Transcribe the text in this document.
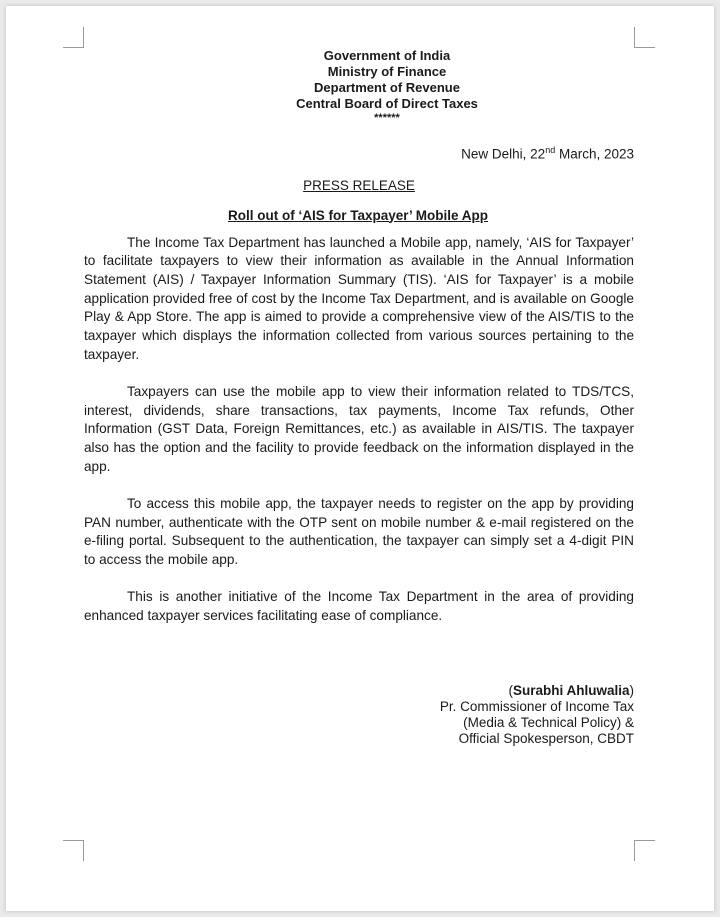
Government of India
Ministry of Finance
Department of Revenue
Central Board of Direct Taxes
******
New Delhi, 22nd March, 2023
PRESS RELEASE
Roll out of ‘AIS for Taxpayer’ Mobile App

The Income Tax Department has launched a Mobile app, namely, ‘AIS for Taxpayer’ to facilitate taxpayers to view their information as available in the Annual Information Statement (AIS) / Taxpayer Information Summary (TIS). ‘AIS for Taxpayer’ is a mobile application provided free of cost by the Income Tax Department, and is available on Google Play & App Store. The app is aimed to provide a comprehensive view of the AIS/TIS to the taxpayer which displays the information collected from various sources pertaining to the taxpayer.

Taxpayers can use the mobile app to view their information related to TDS/TCS, interest, dividends, share transactions, tax payments, Income Tax refunds, Other Information (GST Data, Foreign Remittances, etc.) as available in AIS/TIS. The taxpayer also has the option and the facility to provide feedback on the information displayed in the app.

To access this mobile app, the taxpayer needs to register on the app by providing PAN number, authenticate with the OTP sent on mobile number & e-mail registered on the e-filing portal. Subsequent to the authentication, the taxpayer can simply set a 4-digit PIN to access the mobile app.

This is another initiative of the Income Tax Department in the area of providing enhanced taxpayer services facilitating ease of compliance.

(Surabhi Ahluwalia)
Pr. Commissioner of Income Tax
(Media & Technical Policy) &
Official Spokesperson, CBDT
